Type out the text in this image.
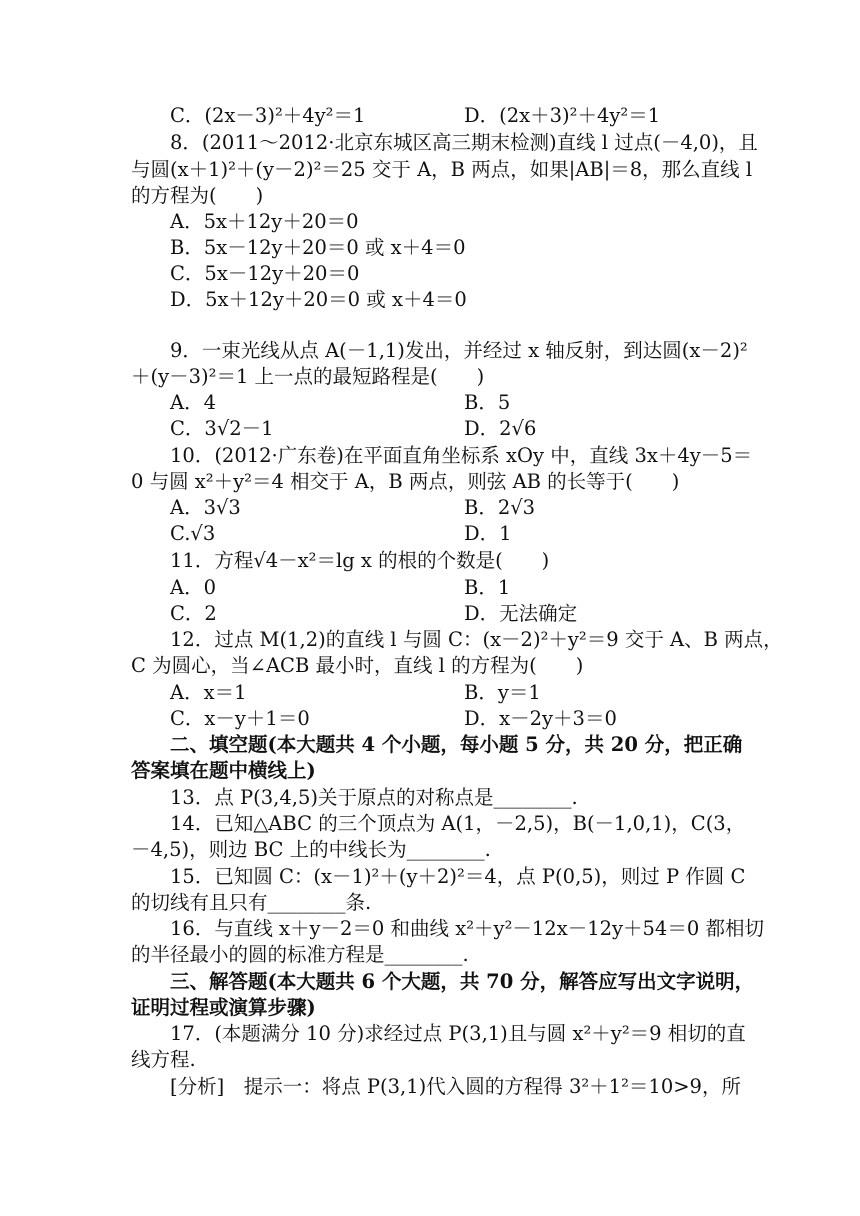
C．(2x－3)²＋4y²＝1	D．(2x＋3)²＋4y²＝1
8．(2011～2012·北京东城区高三期末检测)直线 l 过点(－4,0)，且
与圆(x＋1)²＋(y－2)²＝25 交于 A，B 两点，如果|AB|＝8，那么直线 l
的方程为(　　)
A．5x＋12y＋20＝0
B．5x－12y＋20＝0 或 x＋4＝0
C．5x－12y＋20＝0
D．5x＋12y＋20＝0 或 x＋4＝0
9．一束光线从点 A(－1,1)发出，并经过 x 轴反射，到达圆(x－2)²
＋(y－3)²＝1 上一点的最短路程是(　　)
A．4	B．5
C．3√2－1	D．2√6
10．(2012·广东卷)在平面直角坐标系 xOy 中，直线 3x＋4y－5＝
0 与圆 x²＋y²＝4 相交于 A，B 两点，则弦 AB 的长等于(　　)
A．3√3	B．2√3
C.√3	D．1
11．方程√4－x²＝lg x 的根的个数是(　　)
A．0	B．1
C．2	D．无法确定
12．过点 M(1,2)的直线 l 与圆 C：(x－2)²＋y²＝9 交于 A、B 两点，
C 为圆心，当∠ACB 最小时，直线 l 的方程为(　　)
A．x＝1	B．y＝1
C．x－y＋1＝0	D．x－2y＋3＝0
二、填空题(本大题共 4 个小题，每小题 5 分，共 20 分，把正确
答案填在题中横线上)
13．点 P(3,4,5)关于原点的对称点是________.
14．已知△ABC 的三个顶点为 A(1，－2,5)，B(－1,0,1)，C(3，
－4,5)，则边 BC 上的中线长为________.
15．已知圆 C：(x－1)²＋(y＋2)²＝4，点 P(0,5)，则过 P 作圆 C
的切线有且只有________条.
16．与直线 x＋y－2＝0 和曲线 x²＋y²－12x－12y＋54＝0 都相切
的半径最小的圆的标准方程是________.
三、解答题(本大题共 6 个大题，共 70 分，解答应写出文字说明，
证明过程或演算步骤)
17．(本题满分 10 分)求经过点 P(3,1)且与圆 x²＋y²＝9 相切的直
线方程.
[分析]　提示一：将点 P(3,1)代入圆的方程得 3²＋1²＝10>9，所
